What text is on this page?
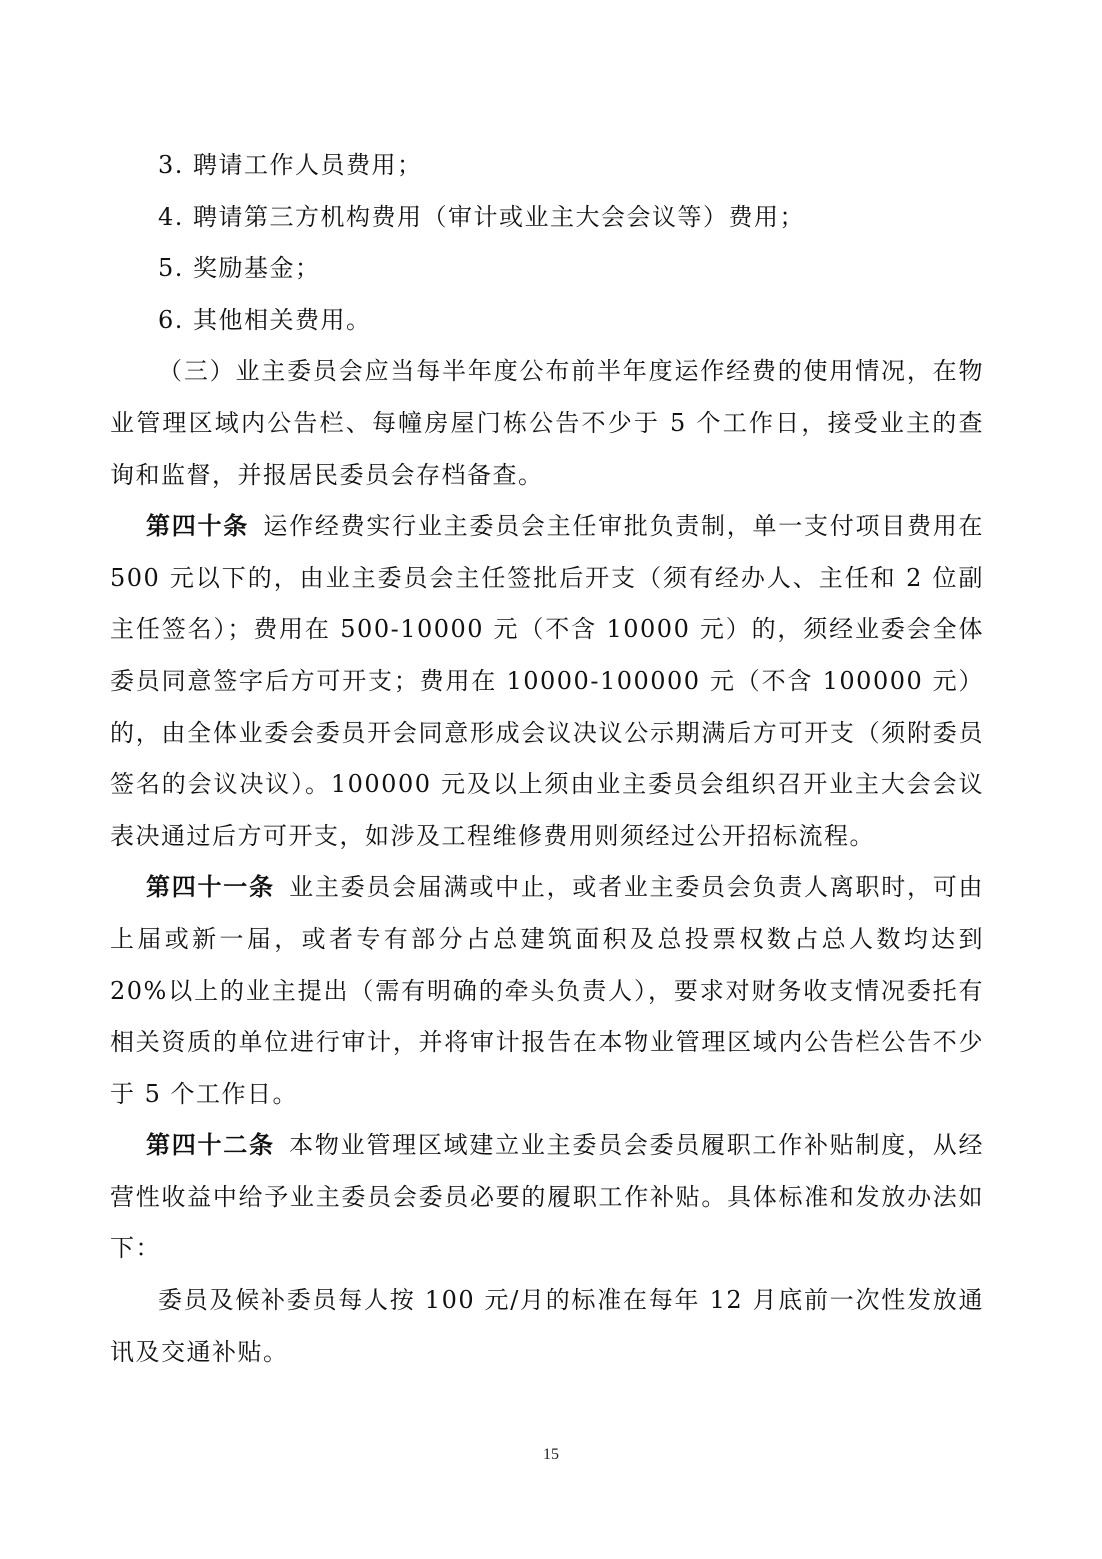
3. 聘请工作人员费用；

4. 聘请第三方机构费用（审计或业主大会会议等）费用；

5. 奖励基金；

6. 其他相关费用。

（三）业主委员会应当每半年度公布前半年度运作经费的使用情况，在物业管理区域内公告栏、每幢房屋门栋公告不少于 5 个工作日，接受业主的查询和监督，并报居民委员会存档备查。

第四十条 运作经费实行业主委员会主任审批负责制，单一支付项目费用在 500 元以下的，由业主委员会主任签批后开支（须有经办人、主任和 2 位副主任签名）；费用在 500-10000 元（不含 10000 元）的，须经业委会全体委员同意签字后方可开支；费用在 10000-100000 元（不含 100000 元）的，由全体业委会委员开会同意形成会议决议公示期满后方可开支（须附委员签名的会议决议）。100000 元及以上须由业主委员会组织召开业主大会会议表决通过后方可开支，如涉及工程维修费用则须经过公开招标流程。

第四十一条 业主委员会届满或中止，或者业主委员会负责人离职时，可由上届或新一届，或者专有部分占总建筑面积及总投票权数占总人数均达到 20%以上的业主提出（需有明确的牵头负责人），要求对财务收支情况委托有相关资质的单位进行审计，并将审计报告在本物业管理区域内公告栏公告不少于 5 个工作日。

第四十二条 本物业管理区域建立业主委员会委员履职工作补贴制度，从经营性收益中给予业主委员会委员必要的履职工作补贴。具体标准和发放办法如下：

委员及候补委员每人按 100 元/月的标准在每年 12 月底前一次性发放通讯及交通补贴。

15
